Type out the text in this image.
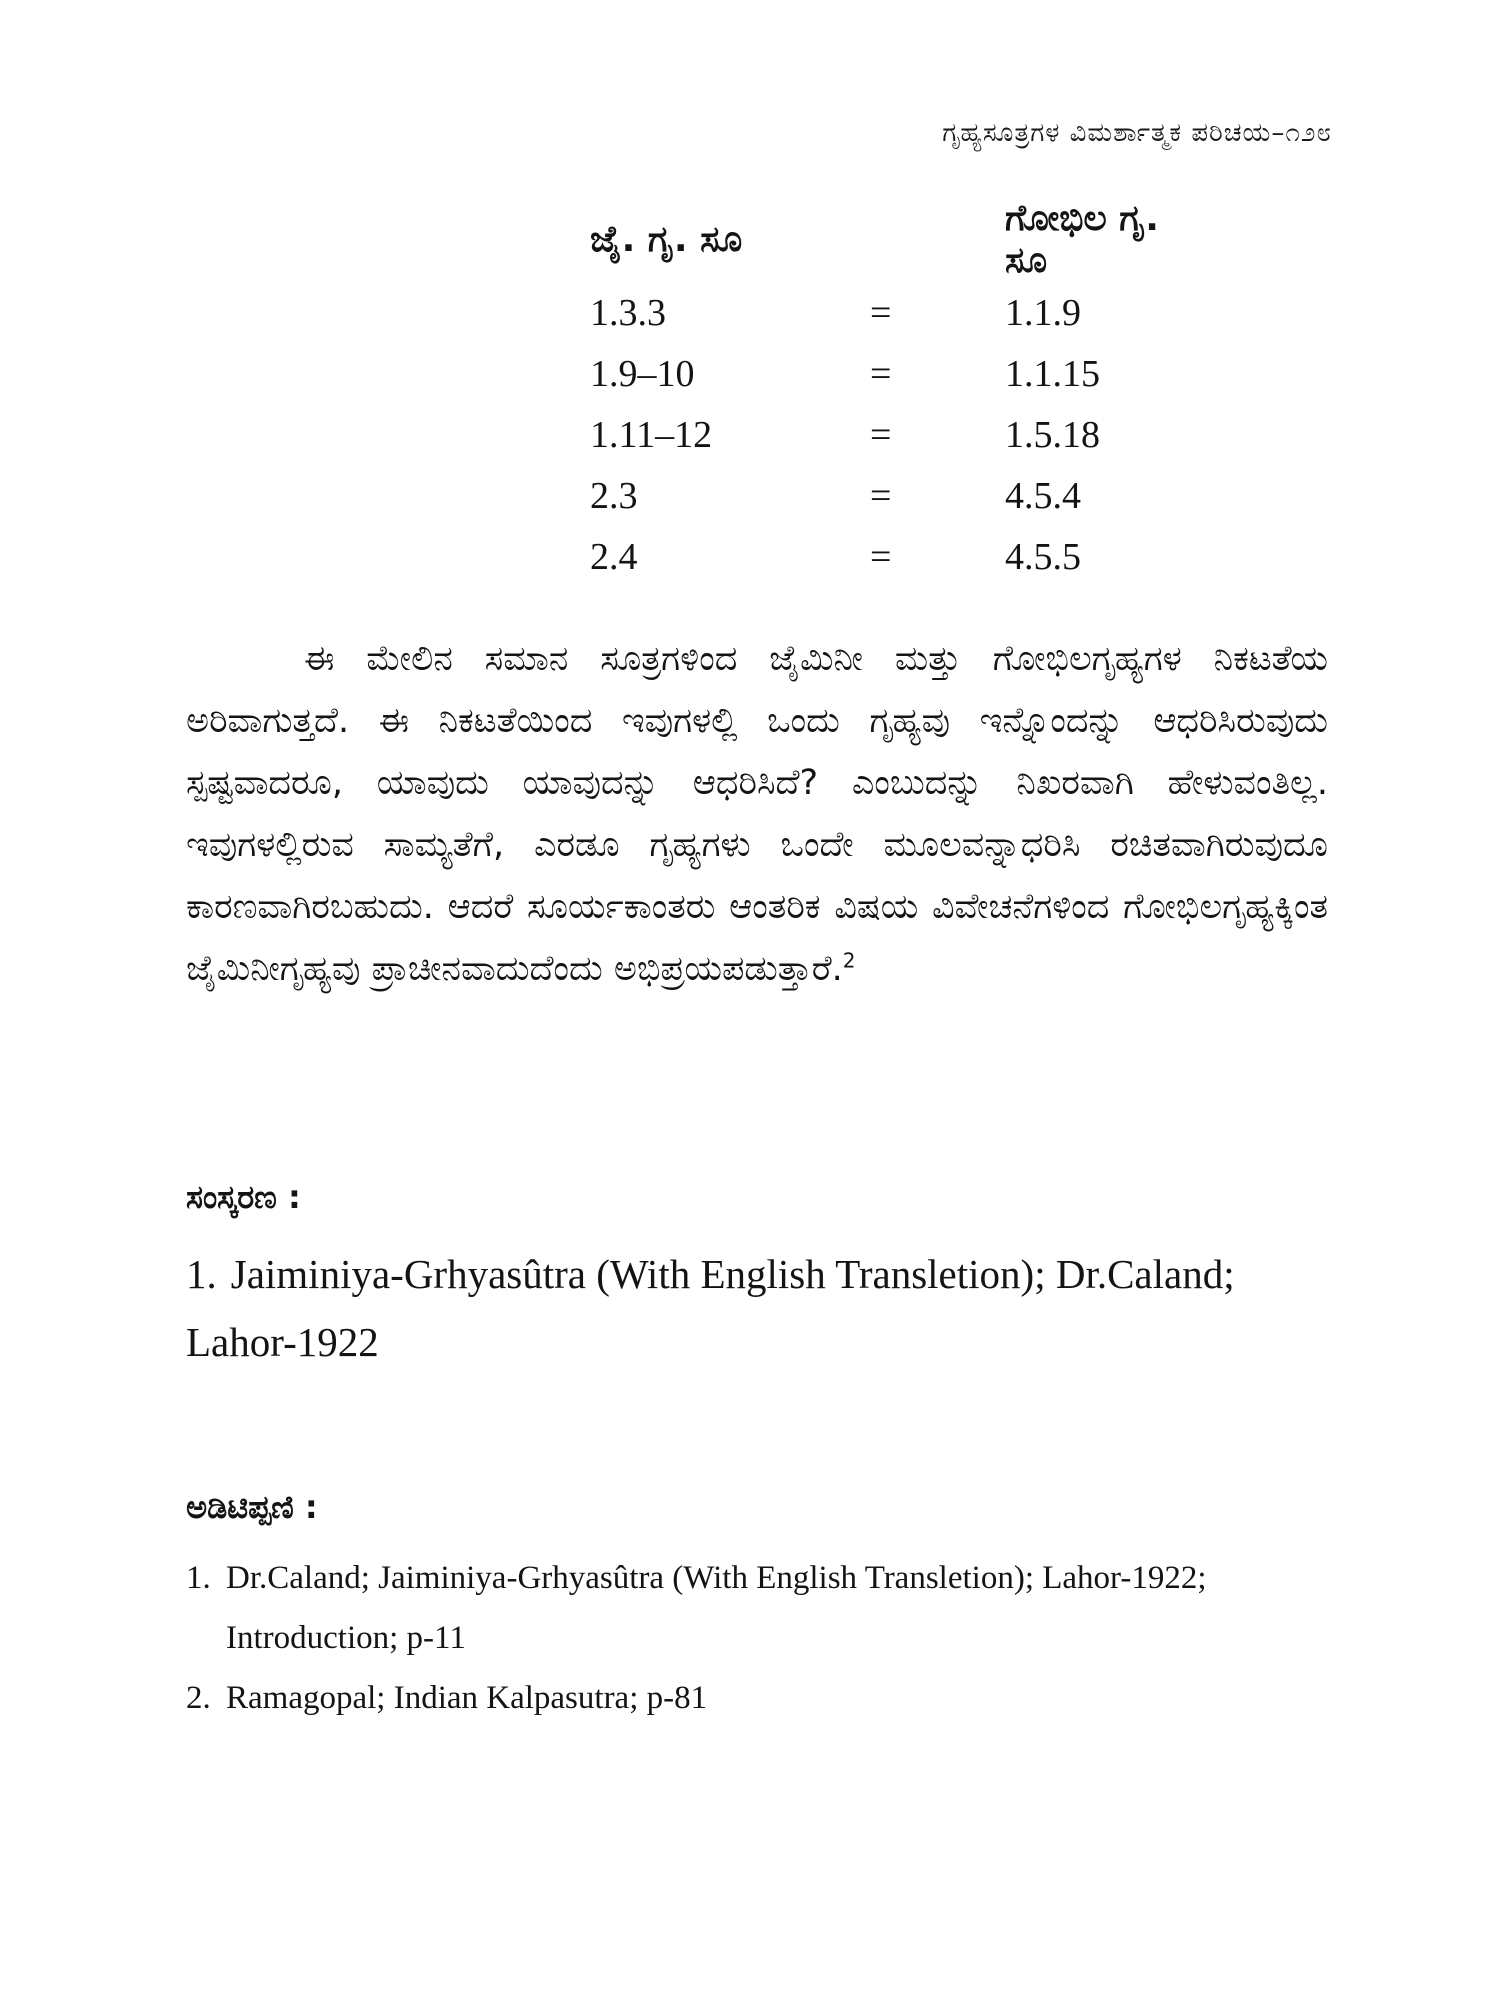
ಗೃಹ್ಯಸೂತ್ರಗಳ ವಿಮರ್ಶಾತ್ಮಕ ಪರಿಚಯ–೧೨೮
ಜೈ. ಗೃ. ಸೂ		ಗೋಭಿಲ ಗೃ. ಸೂ
1.3.3	=	1.1.9
1.9–10	=	1.1.15
1.11–12	=	1.5.18
2.3	=	4.5.4
2.4	=	4.5.5

ಈ ಮೇಲಿನ ಸಮಾನ ಸೂತ್ರಗಳಿಂದ ಜೈಮಿನೀ ಮತ್ತು ಗೋಭಿಲಗೃಹ್ಯಗಳ ನಿಕಟತೆಯ ಅರಿವಾಗುತ್ತದೆ. ಈ ನಿಕಟತೆಯಿಂದ ಇವುಗಳಲ್ಲಿ ಒಂದು ಗೃಹ್ಯವು ಇನ್ನೊಂದನ್ನು ಆಧರಿಸಿರುವುದು ಸ್ಪಷ್ಟವಾದರೂ, ಯಾವುದು ಯಾವುದನ್ನು ಆಧರಿಸಿದೆ? ಎಂಬುದನ್ನು ನಿಖರವಾಗಿ ಹೇಳುವಂತಿಲ್ಲ. ಇವುಗಳಲ್ಲಿರುವ ಸಾಮ್ಯತೆಗೆ, ಎರಡೂ ಗೃಹ್ಯಗಳು ಒಂದೇ ಮೂಲವನ್ನಾಧರಿಸಿ ರಚಿತವಾಗಿರುವುದೂ ಕಾರಣವಾಗಿರಬಹುದು. ಆದರೆ ಸೂರ್ಯಕಾಂತರು ಆಂತರಿಕ ವಿಷಯ ವಿವೇಚನೆಗಳಿಂದ ಗೋಭಿಲಗೃಹ್ಯಕ್ಕಿಂತ ಜೈಮಿನೀಗೃಹ್ಯವು ಪ್ರಾಚೀನವಾದುದೆಂದು ಅಭಿಪ್ರಯಪಡುತ್ತಾರೆ.$^2$

ಸಂಸ್ಕರಣ :

1. Jaiminiya-Grhyasûtra (With English Transletion); Dr.Caland; Lahor-1922

ಅಡಿಟಿಪ್ಪಣಿ :
1. Dr.Caland; Jaiminiya-Grhyasûtra (With English Transletion); Lahor-1922; Introduction; p-11
2. Ramagopal; Indian Kalpasutra; p-81
